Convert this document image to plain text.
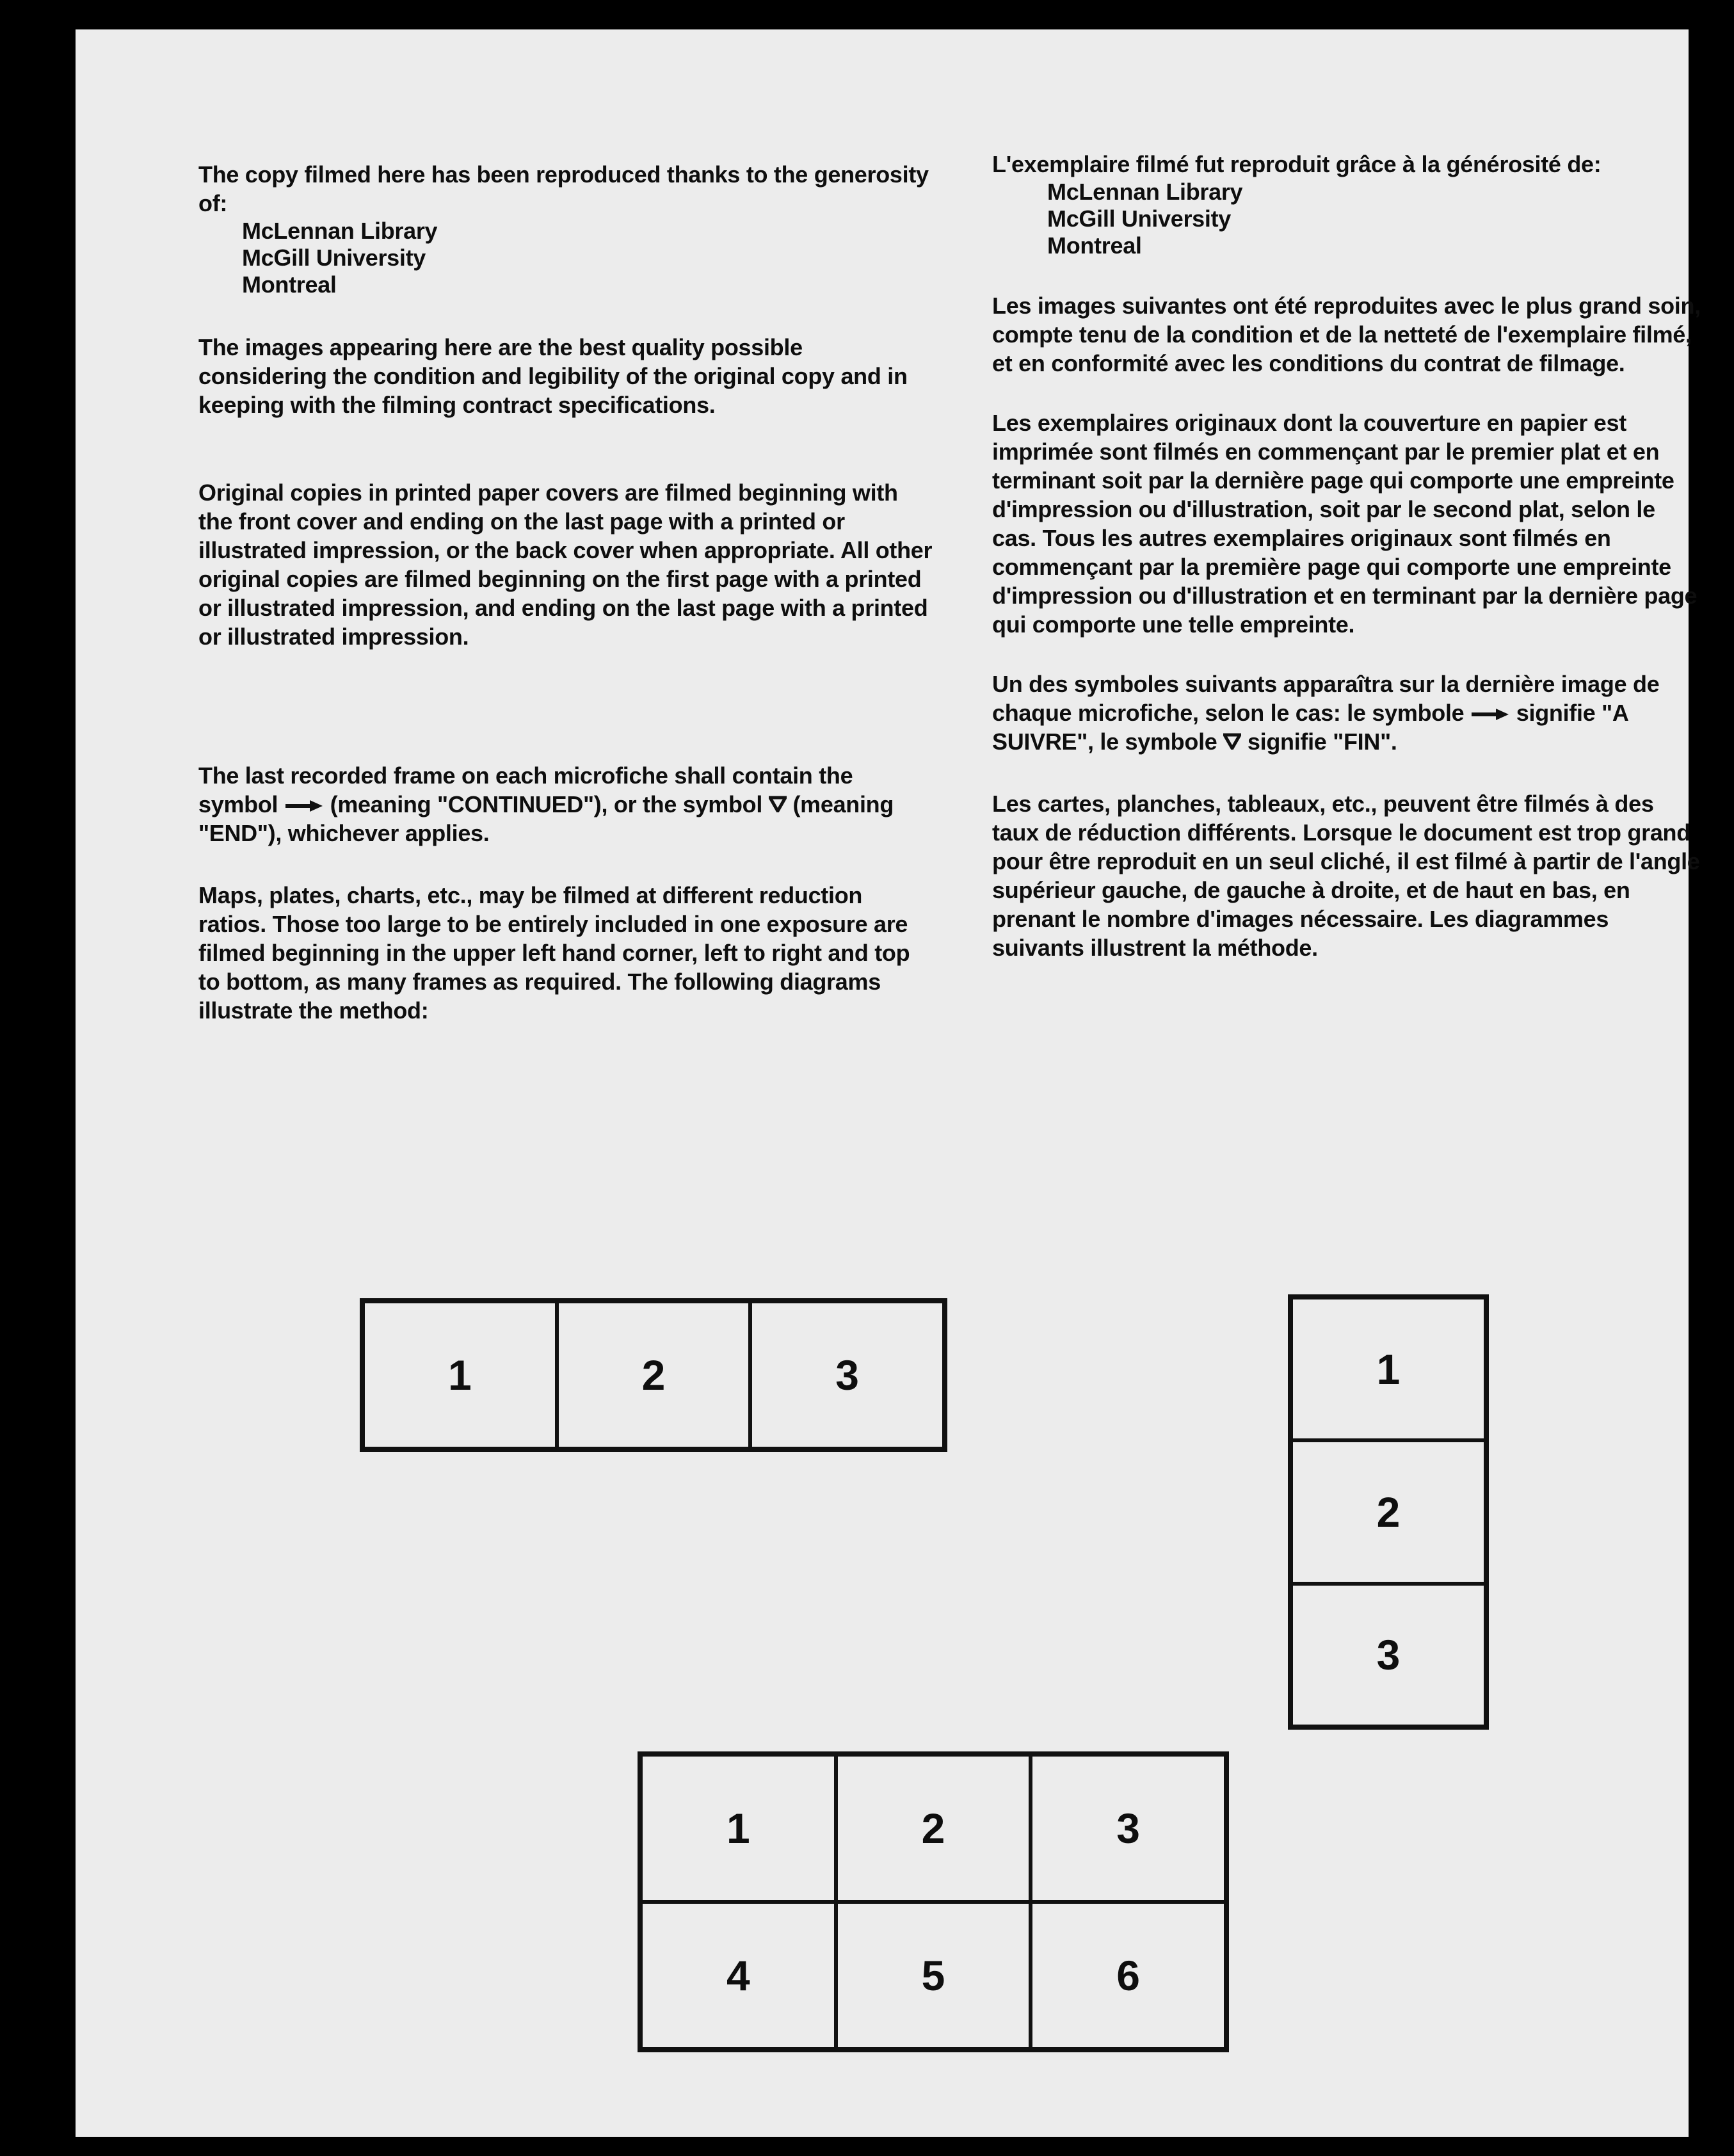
The copy filmed here has been reproduced thanks to the generosity of:

McLennan Library
McGill University
Montreal

The images appearing here are the best quality possible considering the condition and legibility of the original copy and in keeping with the filming contract specifications.

Original copies in printed paper covers are filmed beginning with the front cover and ending on the last page with a printed or illustrated impression, or the back cover when appropriate. All other original copies are filmed beginning on the first page with a printed or illustrated impression, and ending on the last page with a printed or illustrated impression.

The last recorded frame on each microfiche shall contain the symbol (meaning "CONTINUED"), or the symbol (meaning "END"), whichever applies.

Maps, plates, charts, etc., may be filmed at different reduction ratios. Those too large to be entirely included in one exposure are filmed beginning in the upper left hand corner, left to right and top to bottom, as many frames as required. The following diagrams illustrate the method:

L'exemplaire filmé fut reproduit grâce à la générosité de:

McLennan Library
McGill University
Montreal

Les images suivantes ont été reproduites avec le plus grand soin, compte tenu de la condition et de la netteté de l'exemplaire filmé, et en conformité avec les conditions du contrat de filmage.

Les exemplaires originaux dont la couverture en papier est imprimée sont filmés en commençant par le premier plat et en terminant soit par la dernière page qui comporte une empreinte d'impression ou d'illustration, soit par le second plat, selon le cas. Tous les autres exemplaires originaux sont filmés en commençant par la première page qui comporte une empreinte d'impression ou d'illustration et en terminant par la dernière page qui comporte une telle empreinte.

Un des symboles suivants apparaîtra sur la dernière image de chaque microfiche, selon le cas: le symbole signifie "A SUIVRE", le symbole signifie "FIN".

Les cartes, planches, tableaux, etc., peuvent être filmés à des taux de réduction différents. Lorsque le document est trop grand pour être reproduit en un seul cliché, il est filmé à partir de l'angle supérieur gauche, de gauche à droite, et de haut en bas, en prenant le nombre d'images nécessaire. Les diagrammes suivants illustrent la méthode.

1	2	3	1
2
3
1	2	3
4	5	6
